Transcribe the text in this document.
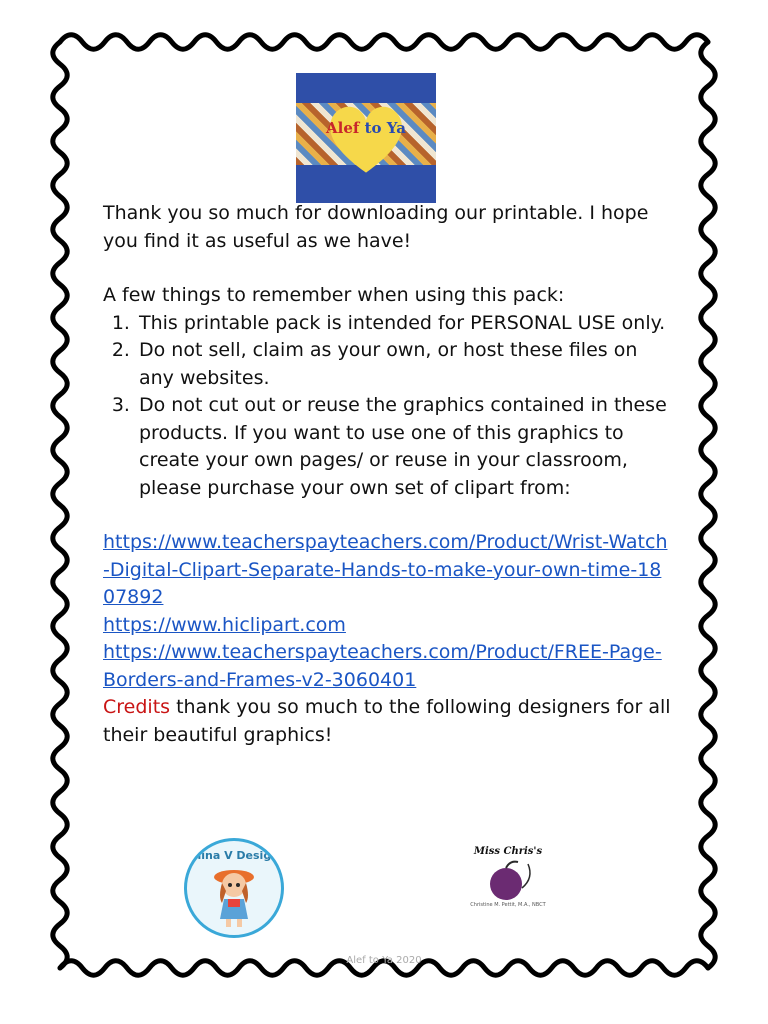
Alef to Ya

Thank you so much for downloading our printable. I hope you find it as useful as we have!

A few things to remember when using this pack:

1. This printable pack is intended for PERSONAL USE only.
2. Do not sell, claim as your own, or host these files on any websites.
3. Do not cut out or reuse the graphics contained in these products. If you want to use one of this graphics to create your own pages/ or reuse in your classroom, please purchase your own set of clipart from:
https://www.teacherspayteachers.com/Product/Wrist-Watch-Digital-Clipart-Separate-Hands-to-make-your-own-time-1807892
https://www.hiclipart.com
https://www.teacherspayteachers.com/Product/FREE-Page-Borders-and-Frames-v2-3060401

Credits thank you so much to the following designers for all their beautiful graphics!

Alina V Design	Miss Chris's
Christine M. Pettit, M.A., NBCT
Alef to Ya 2020
